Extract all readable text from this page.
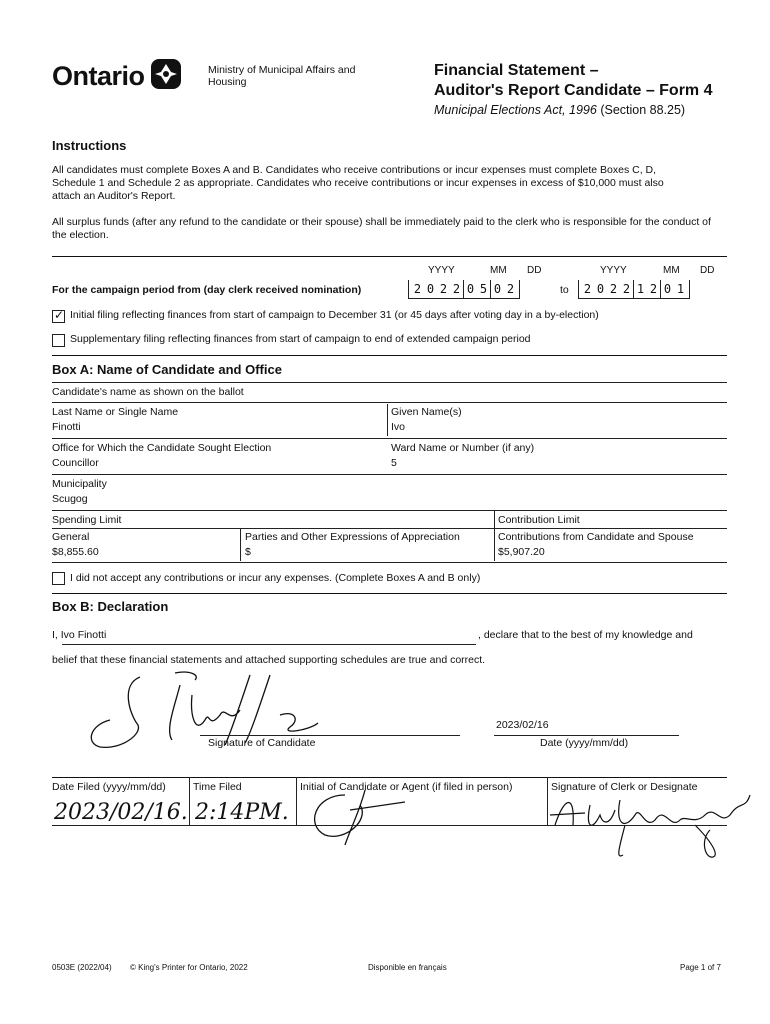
Ontario	Ministry of Municipal Affairs and Housing
Financial Statement –
Auditor's Report Candidate – Form 4
Municipal Elections Act, 1996 (Section 88.25)
Instructions
All candidates must complete Boxes A and B. Candidates who receive contributions or incur expenses must complete Boxes C, D, Schedule 1 and Schedule 2 as appropriate. Candidates who receive contributions or incur expenses in excess of $10,000 must also attach an Auditor's Report.
All surplus funds (after any refund to the candidate or their spouse) shall be immediately paid to the clerk who is responsible for the conduct of the election.
YYYY	MM DD	YYYY	MM DD
For the campaign period from (day clerk received nomination)	2 0 2 2 0 5 0 2	to	2 0 2 2 1 2 0 1
✓ Initial filing reflecting finances from start of campaign to December 31 (or 45 days after voting day in a by-election)
Supplementary filing reflecting finances from start of campaign to end of extended campaign period
Box A: Name of Candidate and Office
Candidate's name as shown on the ballot
Last Name or Single Name
Finotti
Given Name(s)
Ivo
Office for Which the Candidate Sought Election
Councillor
Ward Name or Number (if any)
5
Municipality
Scugog
Spending Limit	Contribution Limit
General
$8,855.60
Parties and Other Expressions of Appreciation
$
Contributions from Candidate and Spouse
$5,907.20
I did not accept any contributions or incur any expenses. (Complete Boxes A and B only)
Box B: Declaration
I, Ivo Finotti	, declare that to the best of my knowledge and
belief that these financial statements and attached supporting schedules are true and correct.
Signature of Candidate
2023/02/16
Date (yyyy/mm/dd)
Date Filed (yyyy/mm/dd)
2023/02/16.
Time Filed
2:14PM.
Initial of Candidate or Agent (if filed in person)	Signature of Clerk or Designate
0503E (2022/04) © King's Printer for Ontario, 2022	Disponible en français	Page 1 of 7
